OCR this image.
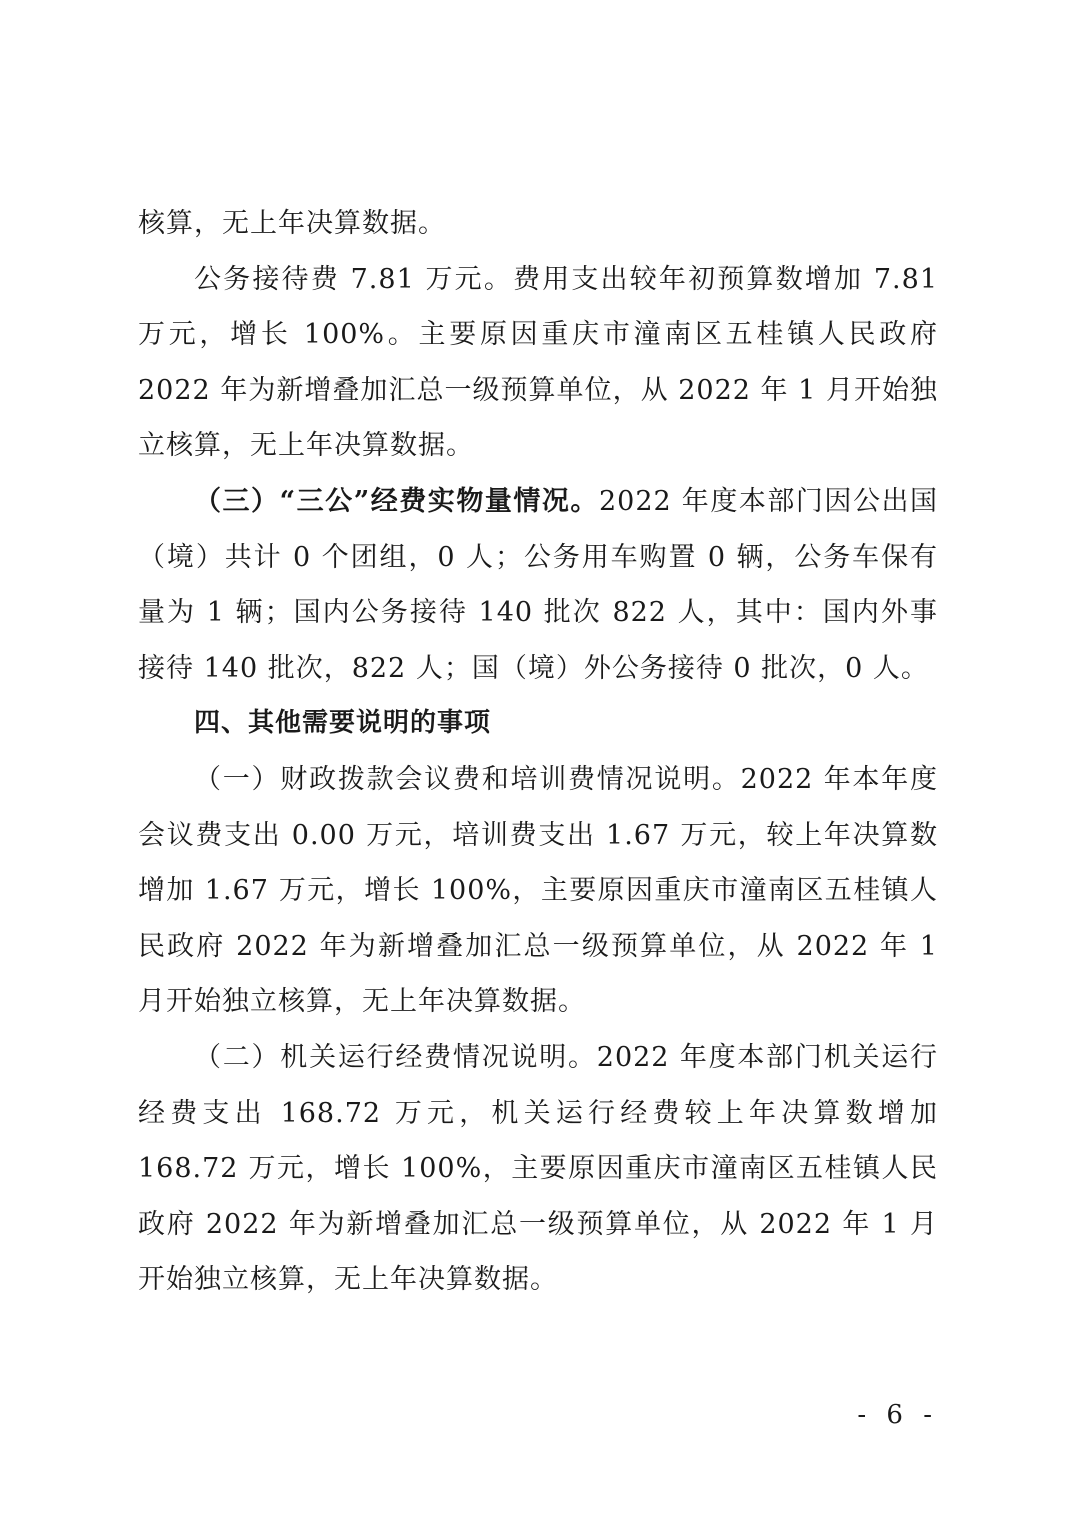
核算，无上年决算数据。

公务接待费 7.81 万元。费用支出较年初预算数增加 7.81 万元，增长 100%。主要原因重庆市潼南区五桂镇人民政府 2022 年为新增叠加汇总一级预算单位，从 2022 年 1 月开始独立核算，无上年决算数据。

（三）“三公”经费实物量情况。2022 年度本部门因公出国（境）共计 0 个团组，0 人；公务用车购置 0 辆，公务车保有量为 1 辆；国内公务接待 140 批次 822 人，其中：国内外事接待 140 批次，822 人；国（境）外公务接待 0 批次，0 人。

四、其他需要说明的事项

（一）财政拨款会议费和培训费情况说明。2022 年本年度会议费支出 0.00 万元，培训费支出 1.67 万元，较上年决算数增加 1.67 万元，增长 100%，主要原因重庆市潼南区五桂镇人民政府 2022 年为新增叠加汇总一级预算单位，从 2022 年 1 月开始独立核算，无上年决算数据。

（二）机关运行经费情况说明。2022 年度本部门机关运行经费支出 168.72 万元，机关运行经费较上年决算数增加 168.72 万元，增长 100%，主要原因重庆市潼南区五桂镇人民政府 2022 年为新增叠加汇总一级预算单位，从 2022 年 1 月开始独立核算，无上年决算数据。

- 6 -
